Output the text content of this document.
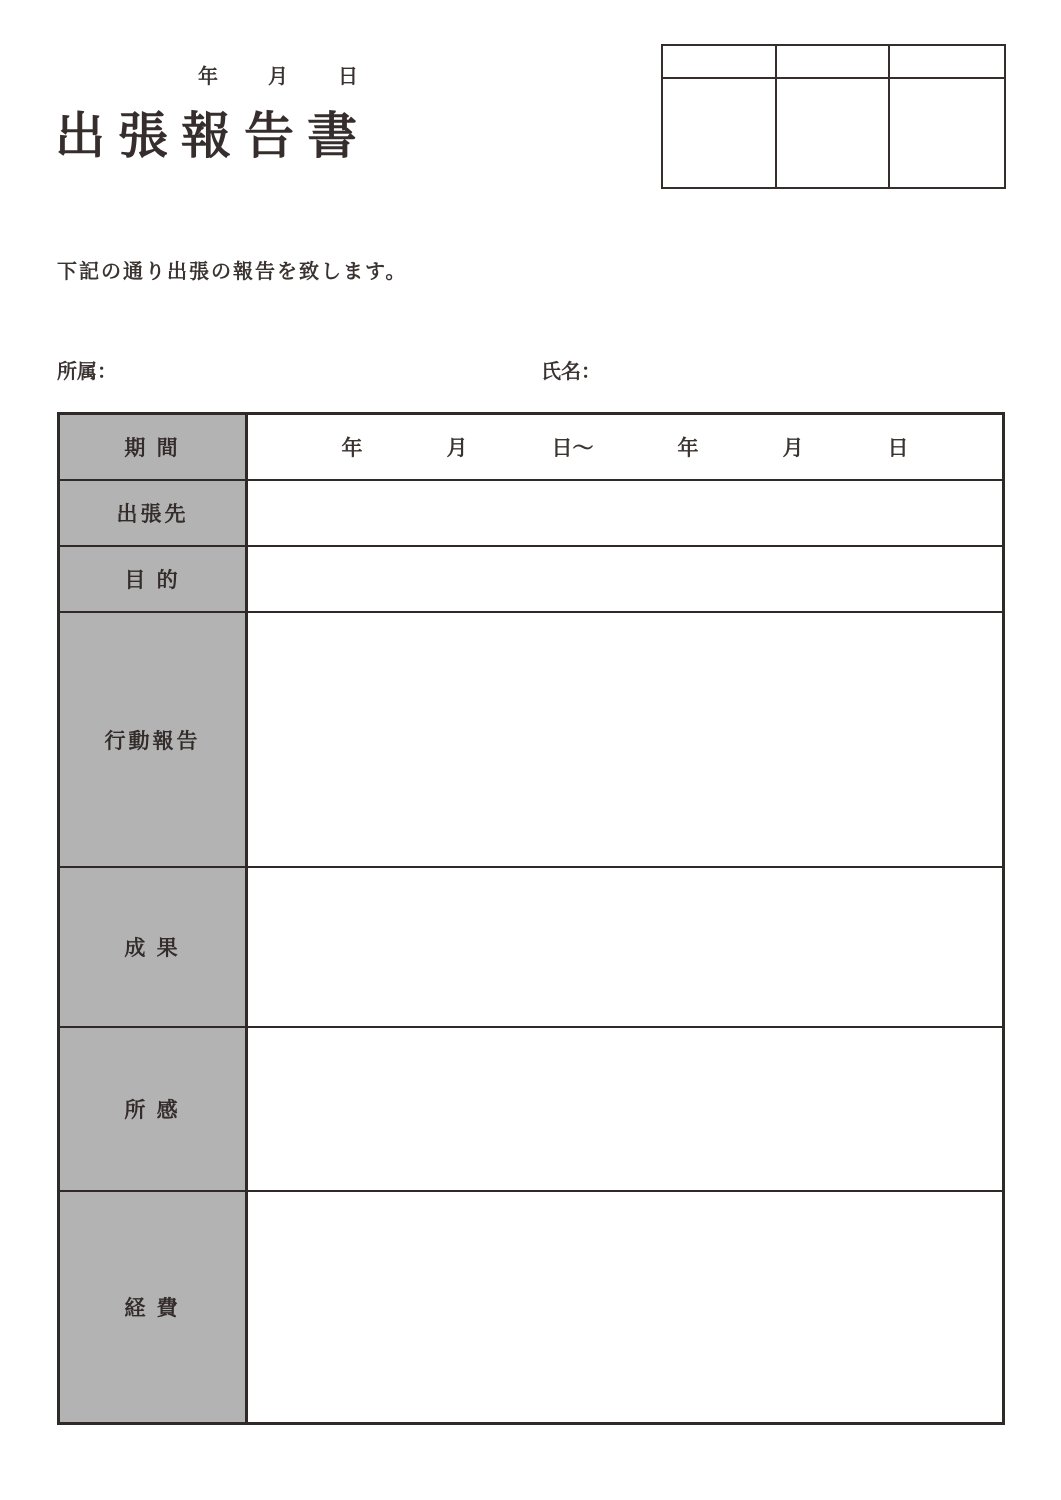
年	月	日
出張報告書

下記の通り出張の報告を致します。

所属：	氏名：
期 間	年	月	日～	年	月	日
出張先
目 的
行動報告
成 果
所 感
経 費
